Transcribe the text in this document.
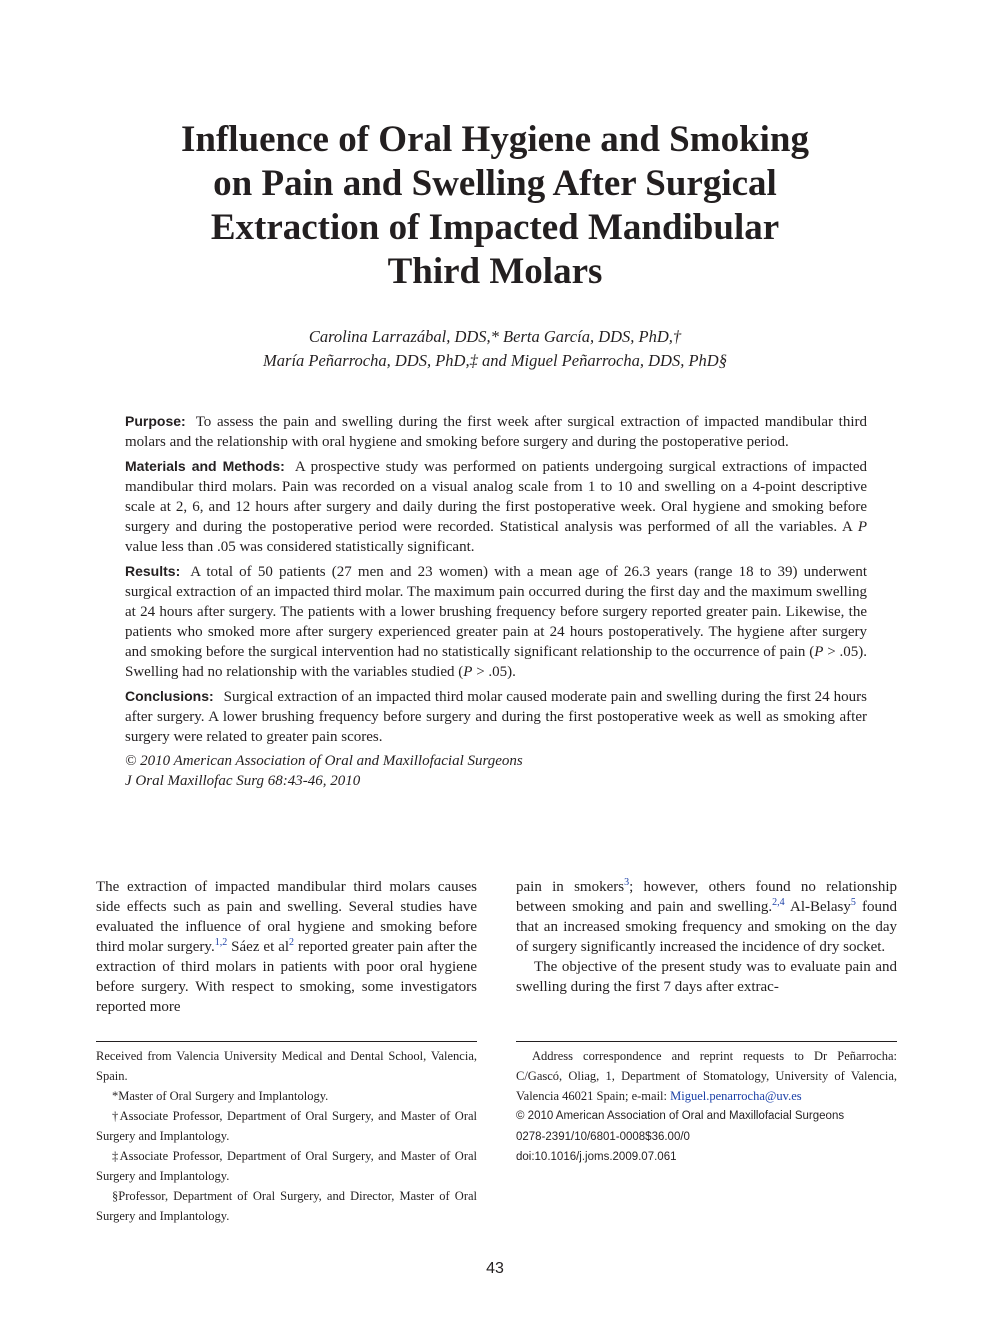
Influence of Oral Hygiene and Smoking
on Pain and Swelling After Surgical
Extraction of Impacted Mandibular
Third Molars
Carolina Larrazábal, DDS,* Berta García, DDS, PhD,†
María Peñarrocha, DDS, PhD,‡ and Miguel Peñarrocha, DDS, PhD§

Purpose: To assess the pain and swelling during the first week after surgical extraction of impacted mandibular third molars and the relationship with oral hygiene and smoking before surgery and during the postoperative period.

Materials and Methods: A prospective study was performed on patients undergoing surgical extractions of impacted mandibular third molars. Pain was recorded on a visual analog scale from 1 to 10 and swelling on a 4-point descriptive scale at 2, 6, and 12 hours after surgery and daily during the first postoperative week. Oral hygiene and smoking before surgery and during the postoperative period were recorded. Statistical analysis was performed of all the variables. A P value less than .05 was considered statistically significant.

Results: A total of 50 patients (27 men and 23 women) with a mean age of 26.3 years (range 18 to 39) underwent surgical extraction of an impacted third molar. The maximum pain occurred during the first day and the maximum swelling at 24 hours after surgery. The patients with a lower brushing frequency before surgery reported greater pain. Likewise, the patients who smoked more after surgery experienced greater pain at 24 hours postoperatively. The hygiene after surgery and smoking before the surgical intervention had no statistically significant relationship to the occurrence of pain (P > .05). Swelling had no relationship with the variables studied (P > .05).

Conclusions: Surgical extraction of an impacted third molar caused moderate pain and swelling during the first 24 hours after surgery. A lower brushing frequency before surgery and during the first postoperative week as well as smoking after surgery were related to greater pain scores.

© 2010 American Association of Oral and Maxillofacial Surgeons
J Oral Maxillofac Surg 68:43-46, 2010

The extraction of impacted mandibular third molars causes side effects such as pain and swelling. Several studies have evaluated the influence of oral hygiene and smoking before third molar surgery.$^{1,2}$ Sáez et $al^2$ reported greater pain after the extraction of third molars in patients with poor oral hygiene before surgery. With respect to smoking, some investigators reported more

pain in smokers$^3$; however, others found no relationship between smoking and pain and swelling.$^{2,4}$ Al-Belasy$^5$ found that an increased smoking frequency and smoking on the day of surgery significantly increased the incidence of dry socket.

The objective of the present study was to evaluate pain and swelling during the first 7 days after extrac-

Received from Valencia University Medical and Dental School, Valencia, Spain.

*Master of Oral Surgery and Implantology.

†Associate Professor, Department of Oral Surgery, and Master of Oral Surgery and Implantology.

‡Associate Professor, Department of Oral Surgery, and Master of Oral Surgery and Implantology.

§Professor, Department of Oral Surgery, and Director, Master of Oral Surgery and Implantology.

Address correspondence and reprint requests to Dr Peñarrocha: C/Gascó, Oliag, 1, Department of Stomatology, University of Valencia, Valencia 46021 Spain; e-mail: Miguel.penarrocha@uv.es

© 2010 American Association of Oral and Maxillofacial Surgeons

0278-2391/10/6801-0008$36.00/0

doi:10.1016/j.joms.2009.07.061

43
